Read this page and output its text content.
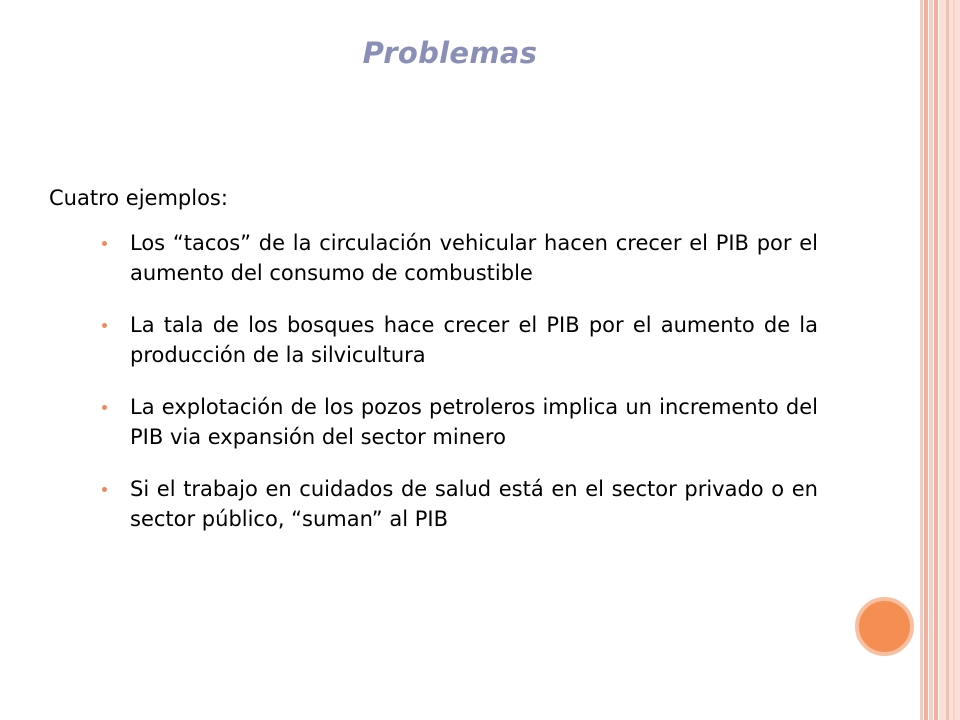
Problemas
Cuatro ejemplos:
Los “tacos” de la circulación vehicular hacen crecer el PIB por el aumento del consumo de combustible
La tala de los bosques hace crecer el PIB por el aumento de la producción de la silvicultura
La explotación de los pozos petroleros implica un incremento del PIB via expansión del sector minero
Si el trabajo en cuidados de salud está en el sector privado o en sector público, “suman” al PIB
